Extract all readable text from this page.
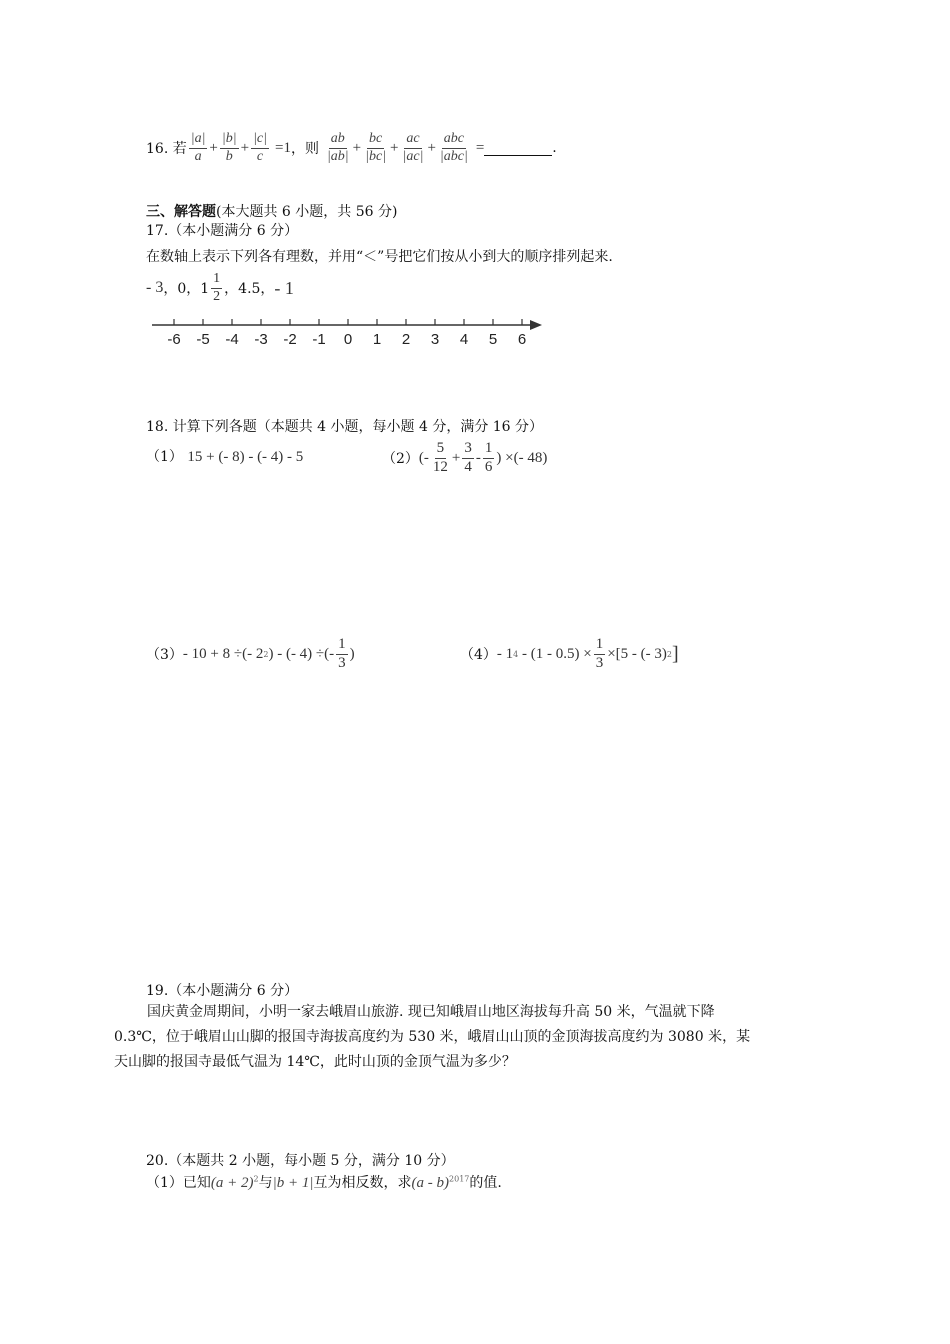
16. 若 $\frac{|a|}{a} + \frac{|b|}{b} + \frac{|c|}{c} =1$ ，则 $\frac{ab}{|ab|} + \frac{bc}{|bc|} + \frac{ac}{|ac|} + \frac{\text{abc}}{\text{|abc|}}$ =	.
三、解答题(本大题共 6 小题，共 56 分)
17.（本小题满分 6 分）
在数轴上表示下列各有理数，并用“＜”号把它们按从小到大的顺序排列起来.
- 3 ，0，$1 \frac{1}{2}$ ，4.5， - 1
-6 -5 -4 -3 -2 -1 0 1 2 3 4 5 6
18. 计算下列各题（本题共 4 小题，每小题 4 分，满分 16 分）
（1） 15 + (- 8) - (- 4) - 5	（2） (- $\frac{5}{12} + \frac{3}{4} - \frac{1}{6}$ ) ×(- 48)
（3） - 10 + 8 ÷(- 2 2 ) - (- 4) ÷(- $\frac{1}{3}$ )	（4） - 1 $4 - (1 - 0.5) \times \frac{1}{3} \times[5$ - (- 3) 2 ]
19.（本小题满分 6 分）
国庆黄金周期间，小明一家去峨眉山旅游. 现已知峨眉山地区海拔每升高 50 米，气温就下降
0.3℃，位于峨眉山山脚的报国寺海拔高度约为 530 米，峨眉山山顶的金顶海拔高度约为 3080 米，某
天山脚的报国寺最低气温为 14℃，此时山顶的金顶气温为多少？
20.（本题共 2 小题，每小题 5 分，满分 10 分）
（1）已知$(a + 2)^2$与|b + 1|互为相反数，求(a - b)$^{2017}$的值.
